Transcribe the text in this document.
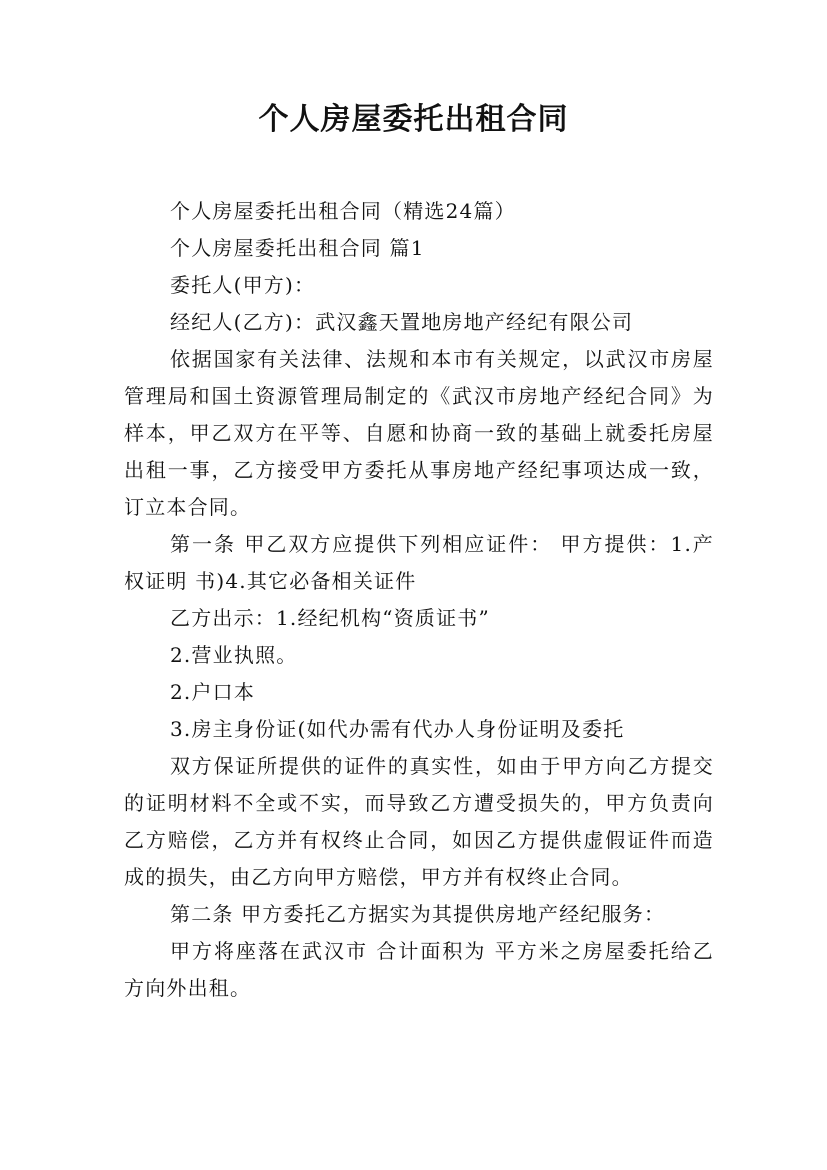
个人房屋委托出租合同

个人房屋委托出租合同（精选24篇）

个人房屋委托出租合同 篇1

委托人(甲方)：

经纪人(乙方)：武汉鑫天置地房地产经纪有限公司

依据国家有关法律、法规和本市有关规定，以武汉市房屋管理局和国土资源管理局制定的《武汉市房地产经纪合同》为样本，甲乙双方在平等、自愿和协商一致的基础上就委托房屋出租一事，乙方接受甲方委托从事房地产经纪事项达成一致，订立本合同。

第一条 甲乙双方应提供下列相应证件： 甲方提供：1.产权证明 书)4.其它必备相关证件

乙方出示：1.经纪机构“资质证书”

2.营业执照。

2.户口本

3.房主身份证(如代办需有代办人身份证明及委托

双方保证所提供的证件的真实性，如由于甲方向乙方提交的证明材料不全或不实，而导致乙方遭受损失的，甲方负责向乙方赔偿，乙方并有权终止合同，如因乙方提供虚假证件而造成的损失，由乙方向甲方赔偿，甲方并有权终止合同。

第二条 甲方委托乙方据实为其提供房地产经纪服务：

甲方将座落在武汉市 合计面积为 平方米之房屋委托给乙方向外出租。
